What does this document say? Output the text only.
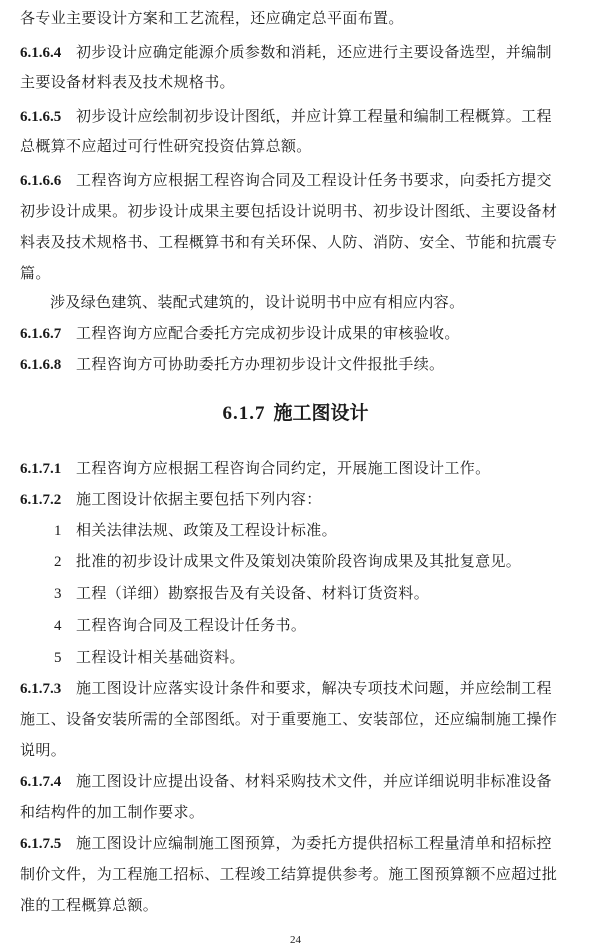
各专业主要设计方案和工艺流程，还应确定总平面布置。
6.1.6.4 初步设计应确定能源介质参数和消耗，还应进行主要设备选型，并编制
主要设备材料表及技术规格书。
6.1.6.5 初步设计应绘制初步设计图纸，并应计算工程量和编制工程概算。工程
总概算不应超过可行性研究投资估算总额。
6.1.6.6 工程咨询方应根据工程咨询合同及工程设计任务书要求，向委托方提交
初步设计成果。初步设计成果主要包括设计说明书、初步设计图纸、主要设备材
料表及技术规格书、工程概算书和有关环保、人防、消防、安全、节能和抗震专
篇。
涉及绿色建筑、装配式建筑的，设计说明书中应有相应内容。
6.1.6.7 工程咨询方应配合委托方完成初步设计成果的审核验收。
6.1.6.8 工程咨询方可协助委托方办理初步设计文件报批手续。
6.1.7 施工图设计
6.1.7.1 工程咨询方应根据工程咨询合同约定，开展施工图设计工作。
6.1.7.2 施工图设计依据主要包括下列内容：
1 相关法律法规、政策及工程设计标准。
2 批准的初步设计成果文件及策划决策阶段咨询成果及其批复意见。
3 工程（详细）勘察报告及有关设备、材料订货资料。
4 工程咨询合同及工程设计任务书。
5 工程设计相关基础资料。
6.1.7.3 施工图设计应落实设计条件和要求，解决专项技术问题，并应绘制工程
施工、设备安装所需的全部图纸。对于重要施工、安装部位，还应编制施工操作
说明。
6.1.7.4 施工图设计应提出设备、材料采购技术文件，并应详细说明非标准设备
和结构件的加工制作要求。
6.1.7.5 施工图设计应编制施工图预算，为委托方提供招标工程量清单和招标控
制价文件，为工程施工招标、工程竣工结算提供参考。施工图预算额不应超过批
准的工程概算总额。
24
